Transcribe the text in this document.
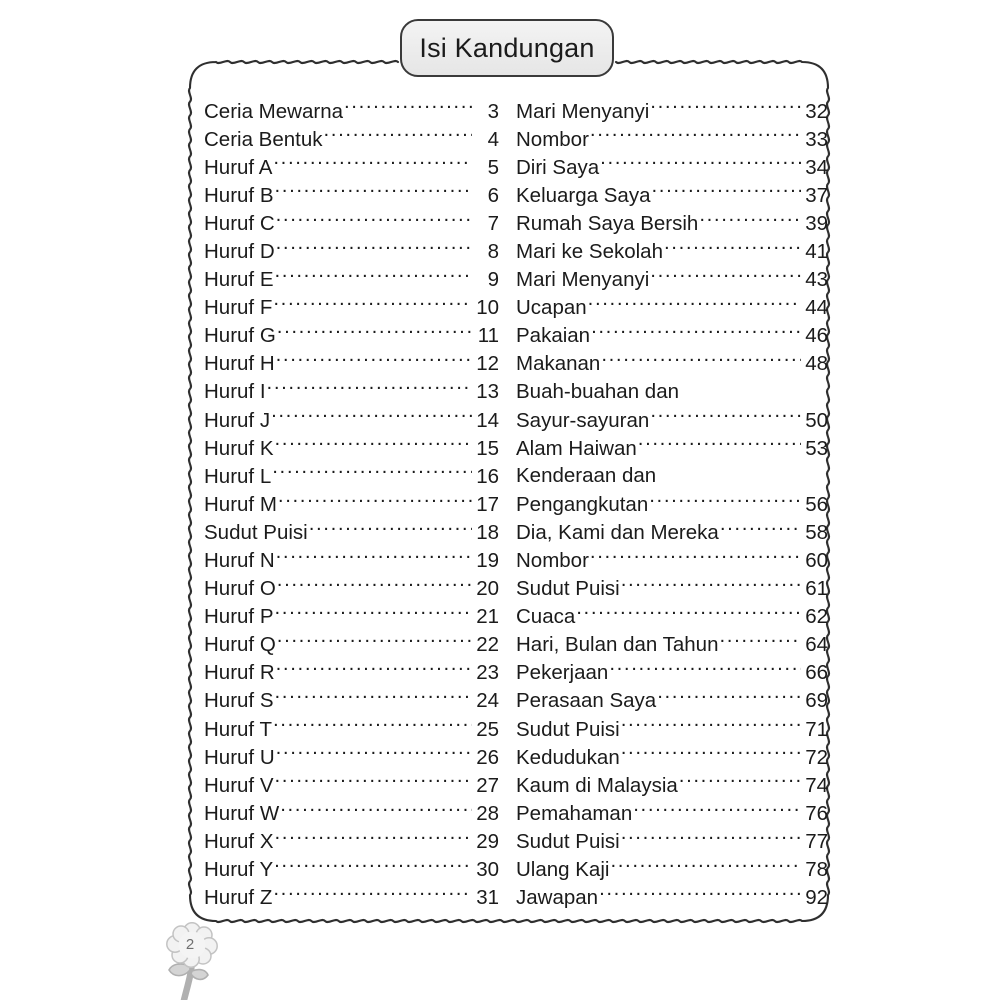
Isi Kandungan
Ceria Mewarna .....	3
Ceria Bentuk .....	4
Huruf A .....	5
Huruf B .....	6
Huruf C .....	7
Huruf D .....	8
Huruf E .....	9
Huruf F .....	10
Huruf G .....	11
Huruf H .....	12
Huruf I .....	13
Huruf J .....	14
Huruf K .....	15
Huruf L .....	16
Huruf M .....	17
Sudut Puisi .....	18
Huruf N .....	19
Huruf O .....	20
Huruf P .....	21
Huruf Q .....	22
Huruf R .....	23
Huruf S .....	24
Huruf T .....	25
Huruf U .....	26
Huruf V .....	27
Huruf W .....	28
Huruf X .....	29
Huruf Y .....	30
Huruf Z .....	31
Mari Menyanyi .....	32
Nombor .....	33
Diri Saya .....	34
Keluarga Saya .....	37
Rumah Saya Bersih .....	39
Mari ke Sekolah .....	41
Mari Menyanyi .....	43
Ucapan .....	44
Pakaian .....	46
Makanan .....	48
Buah-buahan dan
Sayur-sayuran .....	50
Alam Haiwan .....	53
Kenderaan dan
Pengangkutan .....	56
Dia, Kami dan Mereka .....	58
Nombor .....	60
Sudut Puisi .....	61
Cuaca .....	62
Hari, Bulan dan Tahun .....	64
Pekerjaan .....	66
Perasaan Saya .....	69
Sudut Puisi .....	71
Kedudukan .....	72
Kaum di Malaysia .....	74
Pemahaman .....	76
Sudut Puisi .....	77
Ulang Kaji .....	78
Jawapan .....	92
2
